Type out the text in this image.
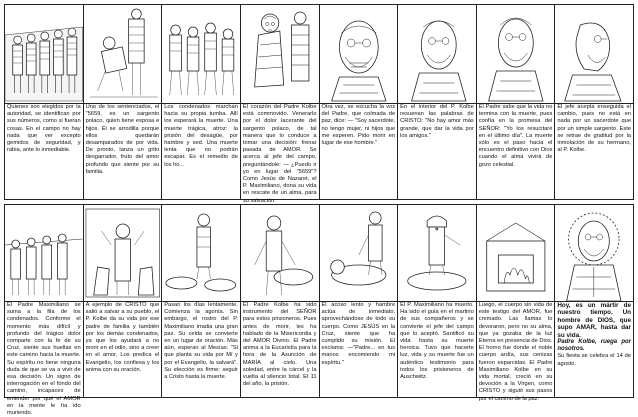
Quienes son elegidos por la autoridad, se identifican por sus números, como si fueran cosas. En el campo no hay nada que ver excepto gemidos de seguridad, y rabia, ante lo inmediable.
Uno de los sentenciados, el "5659, es un sargento polaco, quien tiene esposa e hijos. Él se arrodilla porque ellos quedarán desamparados de por vida. De pronto, lanza un grito desgarrador, fruto del amor profundo que siente por su familia.
Los condenados marchan hacia su propia tumba. Allí los esperará la muerte. Una muerte trágica, atroz: la prisión del desagüe, por hambre y sed. Una muerte lenta que no podrán escapar. Es el remedio de los ho...
El corazón del Padre Kolbe está commovido. Venerarlo por el dolor lacerante del sargento polaco, de tal manera que lo conduce a tomar una decisión: frenar pasada de AMOR. Se acerca al jefe del campo, preguntándole: — ¿Puedo ir yo en lugar del "5659"? Como Jesús de Nazaret, el P. Maximiliano, dona su vida en rescate de un alma, para su salvación.
Otra vez, se escucha la voz del Padre, que colmada de paz, dice: — "Soy sacerdote, no tengo mujer, ni hijos que me esperen. Pido morir en lugar de ese hombre."
En el interior del P. Kolbe resuenan las palabras de CRISTO: "No hay amor más grande, que dar la vida por los amigos."
El Padre sabe que la vida no termina con la muerte, pues confía en la promesa del SEÑOR: "Yo los resucitaré en el último día". La muerte sólo es el paso hacia el encuentro definitivo con Dios cuando el alma vivirá de gozo celestial.
El jefe acepta enseguida el cambio, pues no está en nada por un sacerdote que por un simple sargento. Este se retrae de gratitud por la inmolación de su hermano, al P. Kolbe.
El Padre Maximiliano se suma a la fila de los condenados. Conforme el momento más difícil y profundo del trágico dolor comparte con la fe de su Cruz, siente sus huellas en este camino hacia la muerte. Su espíritu no tiene ninguna duda de que se va a vivir de esa decisión. Un signo de interrogación en el fondo del camino, incapaces de entender por qué el AMOR en la mente le ha ido muriendo.
A ejemplo de CRISTO que salió a salvar a su pueblo, el P. Kolbe da su vida por ese padre de familia y también por los demás condenados, ya que los ayudará a no morir en el odio, sino a creer en el amor. Los predica el Evangelio, los confiesa y los anima con su oración.
Pasan los días lentamente. Comienza la agonía. Sin embargo, el rostro del P. Maximiliano irradia una gran paz. Su celda se convierte en un lugar de oración. Más aún, esperan al Mesías: "Si que planta su vida por Mí y por el Evangelio, la salvará". Su elección es firme: seguir a Cristo hasta la muerte.
El Padre Kolbe ha sido instrumento del SEÑOR para estos prisioneros. Pues antes de morir, les ha hablado de la Misericordia y del AMOR Divino. El Padre anima a la Eucaristía para la hora de la Asunción de MARÍA al cielo. Una soledad, entre la cárcel y la vuelta al silencio total. El 11 del año, la prisión.
El acoso lento y hambre actúa de inmediato, aprovechándose de todo su cuerpo. Como JESÚS en la Cruz, siente que ha cumplido su misión. El exclama: —"Padre... en tus manos encomiendo mi espíritu."
El P. Maximiliano ha muerto. Ha sido el guía en el martirio de sus compañeros y se convierte el jefe del campo que lo aceptó. Santificó su vida hasta su muerte heroica. Tuvo que hacerte luz, vida y su muerte fue un auténtico testimonio para todos los prisioneros de Auschwitz.
Luego, el cuerpo sin vida de este testigo del AMOR, fue cremado. Las llamas lo devoraron, pero no su alma, que ya gozaba de la luz Eterna en presencia de Dios. El horno fue donde el noble cuerpo ardía, sus cenizas fueron esparcidas. El Padre Maximiliano Kolbe en su vida mortal, creció en su devoción a la Virgen, como CRISTO y siguió sus pasos por el camino de la paz.
Hoy, es un mártir de nuestro tiempo. Un hombre de DIOS, que supo AMAR, hasta dar su vida.
Padre Kolbe, ruega por nosotros.
Su fiesta se celebra el 14 de agosto.
